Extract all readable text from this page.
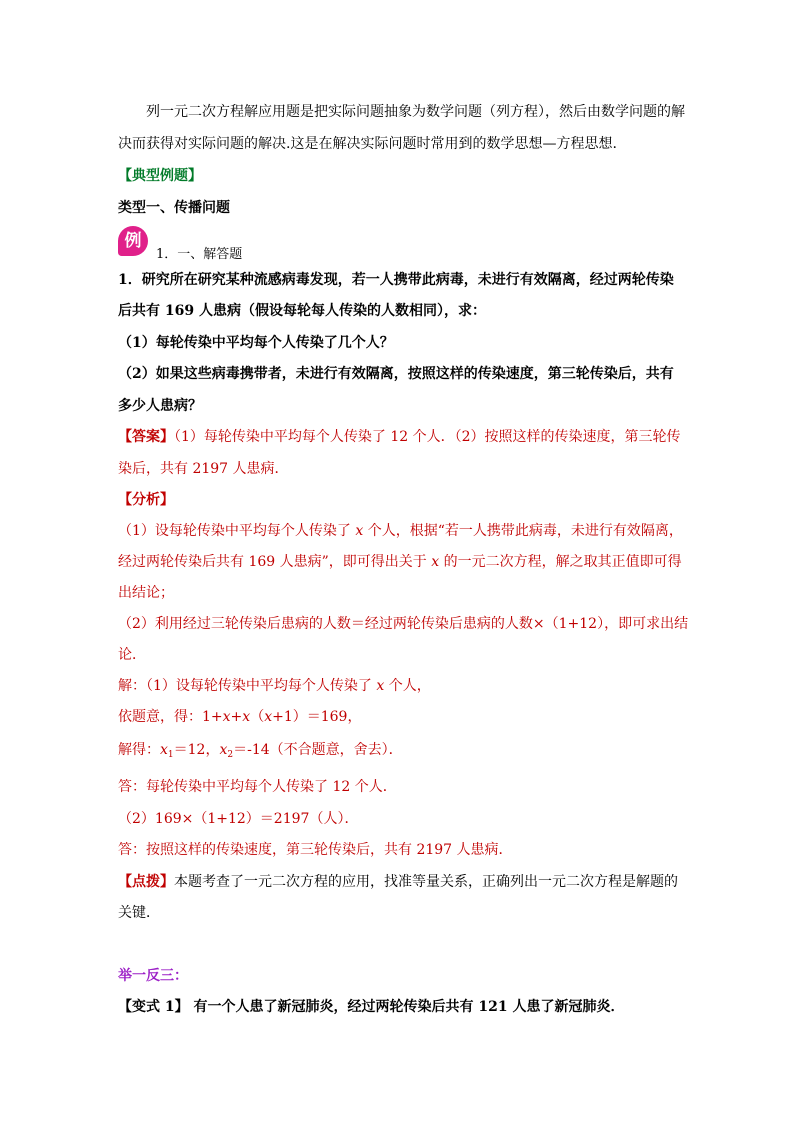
列一元二次方程解应用题是把实际问题抽象为数学问题（列方程），然后由数学问题的解
决而获得对实际问题的解决.这是在解决实际问题时常用到的数学思想—方程思想.
【典型例题】
类型一、传播问题
例
1．一、解答题
1．研究所在研究某种流感病毒发现，若一人携带此病毒，未进行有效隔离，经过两轮传染
后共有 169 人患病（假设每轮每人传染的人数相同），求：
（1）每轮传染中平均每个人传染了几个人？
（2）如果这些病毒携带者，未进行有效隔离，按照这样的传染速度，第三轮传染后，共有
多少人患病？
【答案】（1）每轮传染中平均每个人传染了 12 个人．（2）按照这样的传染速度，第三轮传
染后，共有 2197 人患病．
【分析】
（1）设每轮传染中平均每个人传染了 x 个人，根据“若一人携带此病毒，未进行有效隔离，
经过两轮传染后共有 169 人患病”，即可得出关于 x 的一元二次方程，解之取其正值即可得
出结论；
（2）利用经过三轮传染后患病的人数＝经过两轮传染后患病的人数×（1+12），即可求出结
论．
解：（1）设每轮传染中平均每个人传染了 x 个人，
依题意，得：1+x+x（x+1）＝169，
解得：$x_1=12$，$x_2=-14$（不合题意，舍去）．
答：每轮传染中平均每个人传染了 12 个人．
（2）169×（1+12）＝2197（人）．
答：按照这样的传染速度，第三轮传染后，共有 2197 人患病．
【点拨】本题考查了一元二次方程的应用，找准等量关系，正确列出一元二次方程是解题的
关键．
举一反三：
【变式 1】 有一个人患了新冠肺炎，经过两轮传染后共有 121 人患了新冠肺炎．
